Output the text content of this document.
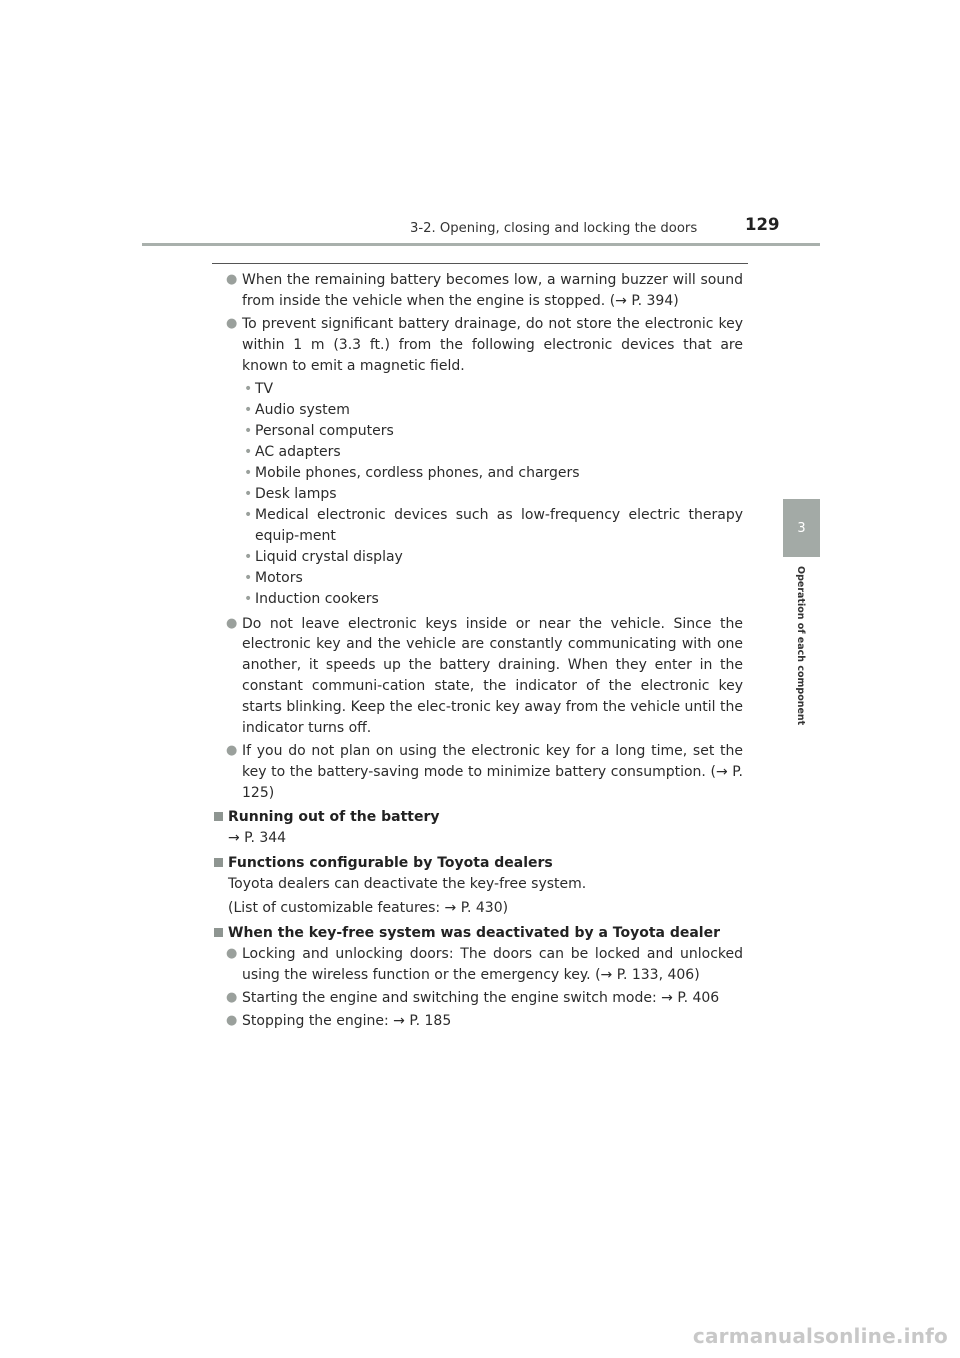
3-2. Opening, closing and locking the doors	129
3
Operation of each component
● When the remaining battery becomes low, a warning buzzer will sound from inside the vehicle when the engine is stopped. (→ P. 394)
● To prevent significant battery drainage, do not store the electronic key within 1 m (3.3 ft.) from the following electronic devices that are known to emit a magnetic field.
• TV
• Audio system
• Personal computers
• AC adapters
• Mobile phones, cordless phones, and chargers
• Desk lamps
• Medical electronic devices such as low-frequency electric therapy equip-ment
• Liquid crystal display
• Motors
• Induction cookers
● Do not leave electronic keys inside or near the vehicle. Since the electronic key and the vehicle are constantly communicating with one another, it speeds up the battery draining. When they enter in the constant communi-cation state, the indicator of the electronic key starts blinking. Keep the elec-tronic key away from the vehicle until the indicator turns off.
● If you do not plan on using the electronic key for a long time, set the key to the battery-saving mode to minimize battery consumption. (→ P. 125)
Running out of the battery
→ P. 344
Functions configurable by Toyota dealers
Toyota dealers can deactivate the key-free system.
(List of customizable features: → P. 430)
When the key-free system was deactivated by a Toyota dealer
● Locking and unlocking doors: The doors can be locked and unlocked using the wireless function or the emergency key. (→ P. 133, 406)
● Starting the engine and switching the engine switch mode: → P. 406
● Stopping the engine: → P. 185
carmanualsonline.info
